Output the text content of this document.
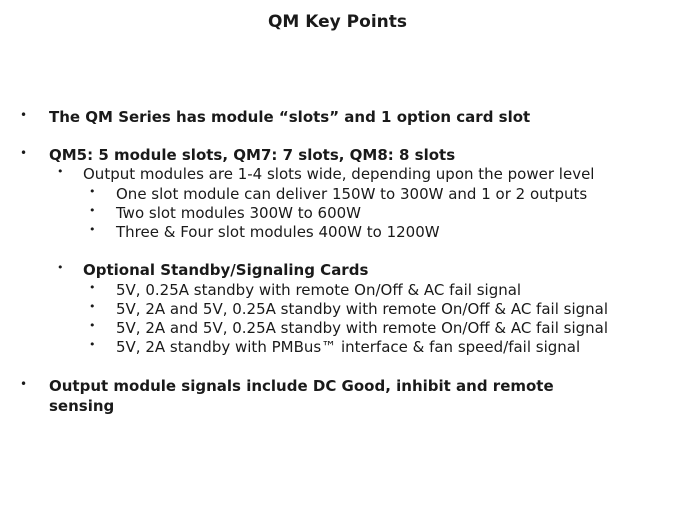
QM Key Points
• The QM Series has module “slots” and 1 option card slot
• QM5: 5 module slots, QM7: 7 slots, QM8: 8 slots
• Output modules are 1-4 slots wide, depending upon the power level
• One slot module can deliver 150W to 300W and 1 or 2 outputs
• Two slot modules 300W to 600W
• Three & Four slot modules 400W to 1200W
• Optional Standby/Signaling Cards
• 5V, 0.25A standby with remote On/Off & AC fail signal
• 5V, 2A and 5V, 0.25A standby with remote On/Off & AC fail signal
• 5V, 2A and 5V, 0.25A standby with remote On/Off & AC fail signal
• 5V, 2A standby with PMBus™ interface & fan speed/fail signal
• Output module signals include DC Good, inhibit and remote
sensing
